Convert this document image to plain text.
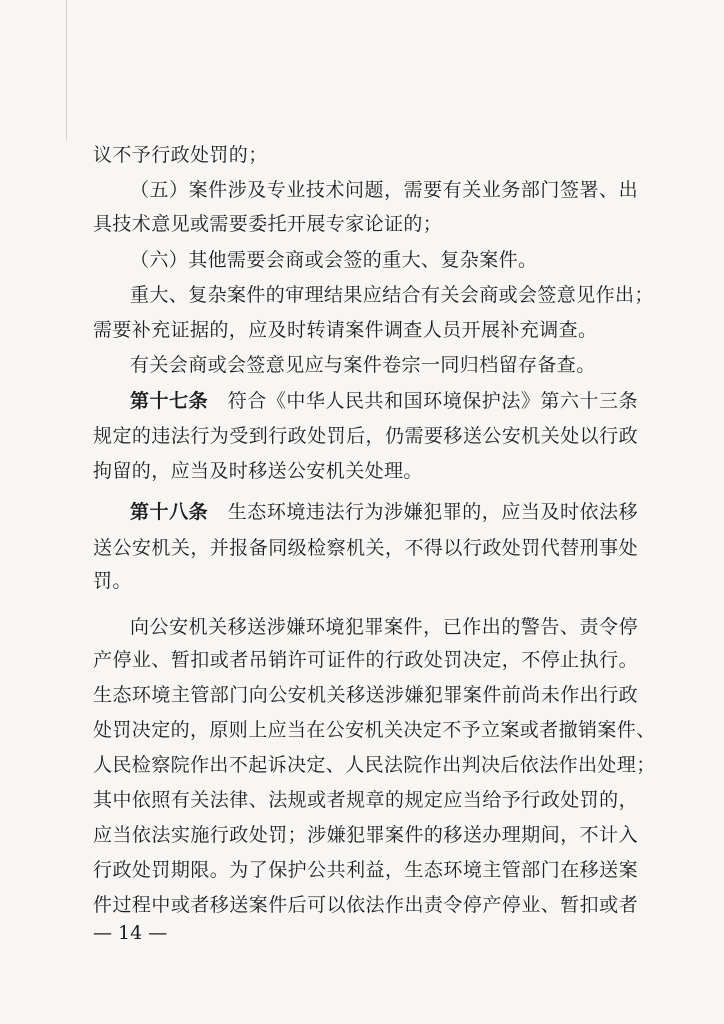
议不予行政处罚的；
（五）案件涉及专业技术问题，需要有关业务部门签署、出
具技术意见或需要委托开展专家论证的；
（六）其他需要会商或会签的重大、复杂案件。
重大、复杂案件的审理结果应结合有关会商或会签意见作出；
需要补充证据的，应及时转请案件调查人员开展补充调查。
有关会商或会签意见应与案件卷宗一同归档留存备查。
第十七条　符合《中华人民共和国环境保护法》第六十三条
规定的违法行为受到行政处罚后，仍需要移送公安机关处以行政
拘留的，应当及时移送公安机关处理。
第十八条　生态环境违法行为涉嫌犯罪的，应当及时依法移
送公安机关，并报备同级检察机关，不得以行政处罚代替刑事处
罚。
向公安机关移送涉嫌环境犯罪案件，已作出的警告、责令停
产停业、暂扣或者吊销许可证件的行政处罚决定，不停止执行。
生态环境主管部门向公安机关移送涉嫌犯罪案件前尚未作出行政
处罚决定的，原则上应当在公安机关决定不予立案或者撤销案件、
人民检察院作出不起诉决定、人民法院作出判决后依法作出处理；
其中依照有关法律、法规或者规章的规定应当给予行政处罚的，
应当依法实施行政处罚；涉嫌犯罪案件的移送办理期间，不计入
行政处罚期限。为了保护公共利益，生态环境主管部门在移送案
件过程中或者移送案件后可以依法作出责令停产停业、暂扣或者
— 14 —
